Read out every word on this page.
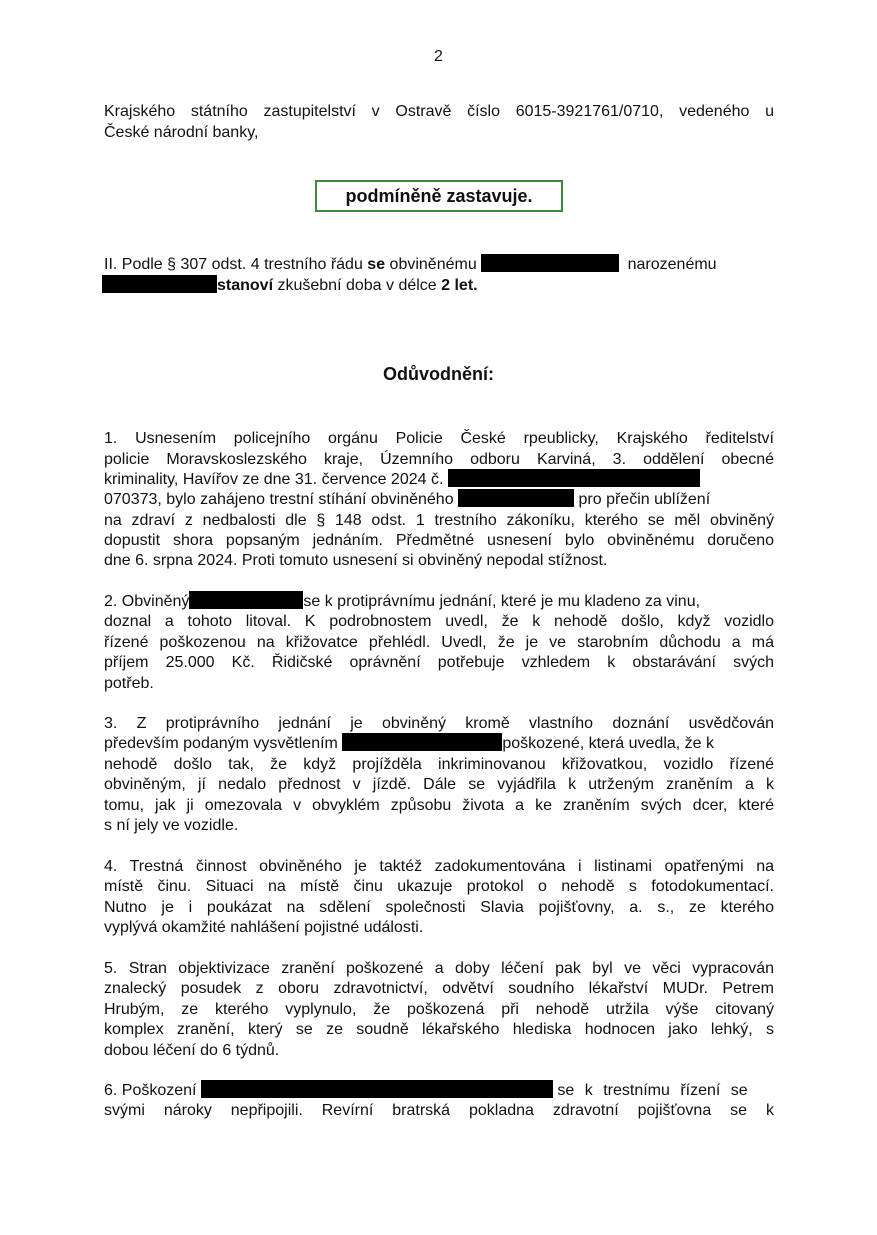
2
Krajského státního zastupitelství v Ostravě číslo 6015-3921761/0710, vedeného u
České národní banky,
podmíněně zastavuje.
II. Podle § 307 odst. 4 trestního řádu se obviněnému	narozenému
stanoví zkušební doba v délce 2 let.
Odůvodnění:
1. Usnesením policejního orgánu Policie České rpeublicky, Krajského ředitelství
policie Moravskoslezského kraje, Územního odboru Karviná, 3. oddělení obecné
kriminality, Havířov ze dne 31. července 2024 č.
070373, bylo zahájeno trestní stíhání obviněného	pro přečin ublížení
na zdraví z nedbalosti dle § 148 odst. 1 trestního zákoníku, kterého se měl obviněný
dopustit shora popsaným jednáním. Předmětné usnesení bylo obviněnému doručeno
dne 6. srpna 2024. Proti tomuto usnesení si obviněný nepodal stížnost.
2. Obviněný	se k protiprávnímu jednání, které je mu kladeno za vinu,
doznal a tohoto litoval. K podrobnostem uvedl, že k nehodě došlo, když vozidlo
řízené poškozenou na křižovatce přehlédl. Uvedl, že je ve starobním důchodu a má
příjem 25.000 Kč. Řidičské oprávnění potřebuje vzhledem k obstarávání svých
potřeb.
3. Z protiprávního jednání je obviněný kromě vlastního doznání usvědčován
především podaným vysvětlením	poškozené, která uvedla, že k
nehodě došlo tak, že když projížděla inkriminovanou křižovatkou, vozidlo řízené
obviněným, jí nedalo přednost v jízdě. Dále se vyjádřila k utrženým zraněním a k
tomu, jak ji omezovala v obvyklém způsobu života a ke zraněním svých dcer, které
s ní jely ve vozidle.
4. Trestná činnost obviněného je taktéž zadokumentována i listinami opatřenými na
místě činu. Situaci na místě činu ukazuje protokol o nehodě s fotodokumentací.
Nutno je i poukázat na sdělení společnosti Slavia pojišťovny, a. s., ze kterého
vyplývá okamžité nahlášení pojistné události.
5. Stran objektivizace zranění poškozené a doby léčení pak byl ve věci vypracován
znalecký posudek z oboru zdravotnictví, odvětví soudního lékařství MUDr. Petrem
Hrubým, ze kterého vyplynulo, že poškozená při nehodě utržila výše citovaný
komplex zranění, který se ze soudně lékařského hlediska hodnocen jako lehký, s
dobou léčení do 6 týdnů.
6. Poškození	se k trestnímu řízení se
svými nároky nepřipojili. Revírní bratrská pokladna zdravotní pojišťovna se k
